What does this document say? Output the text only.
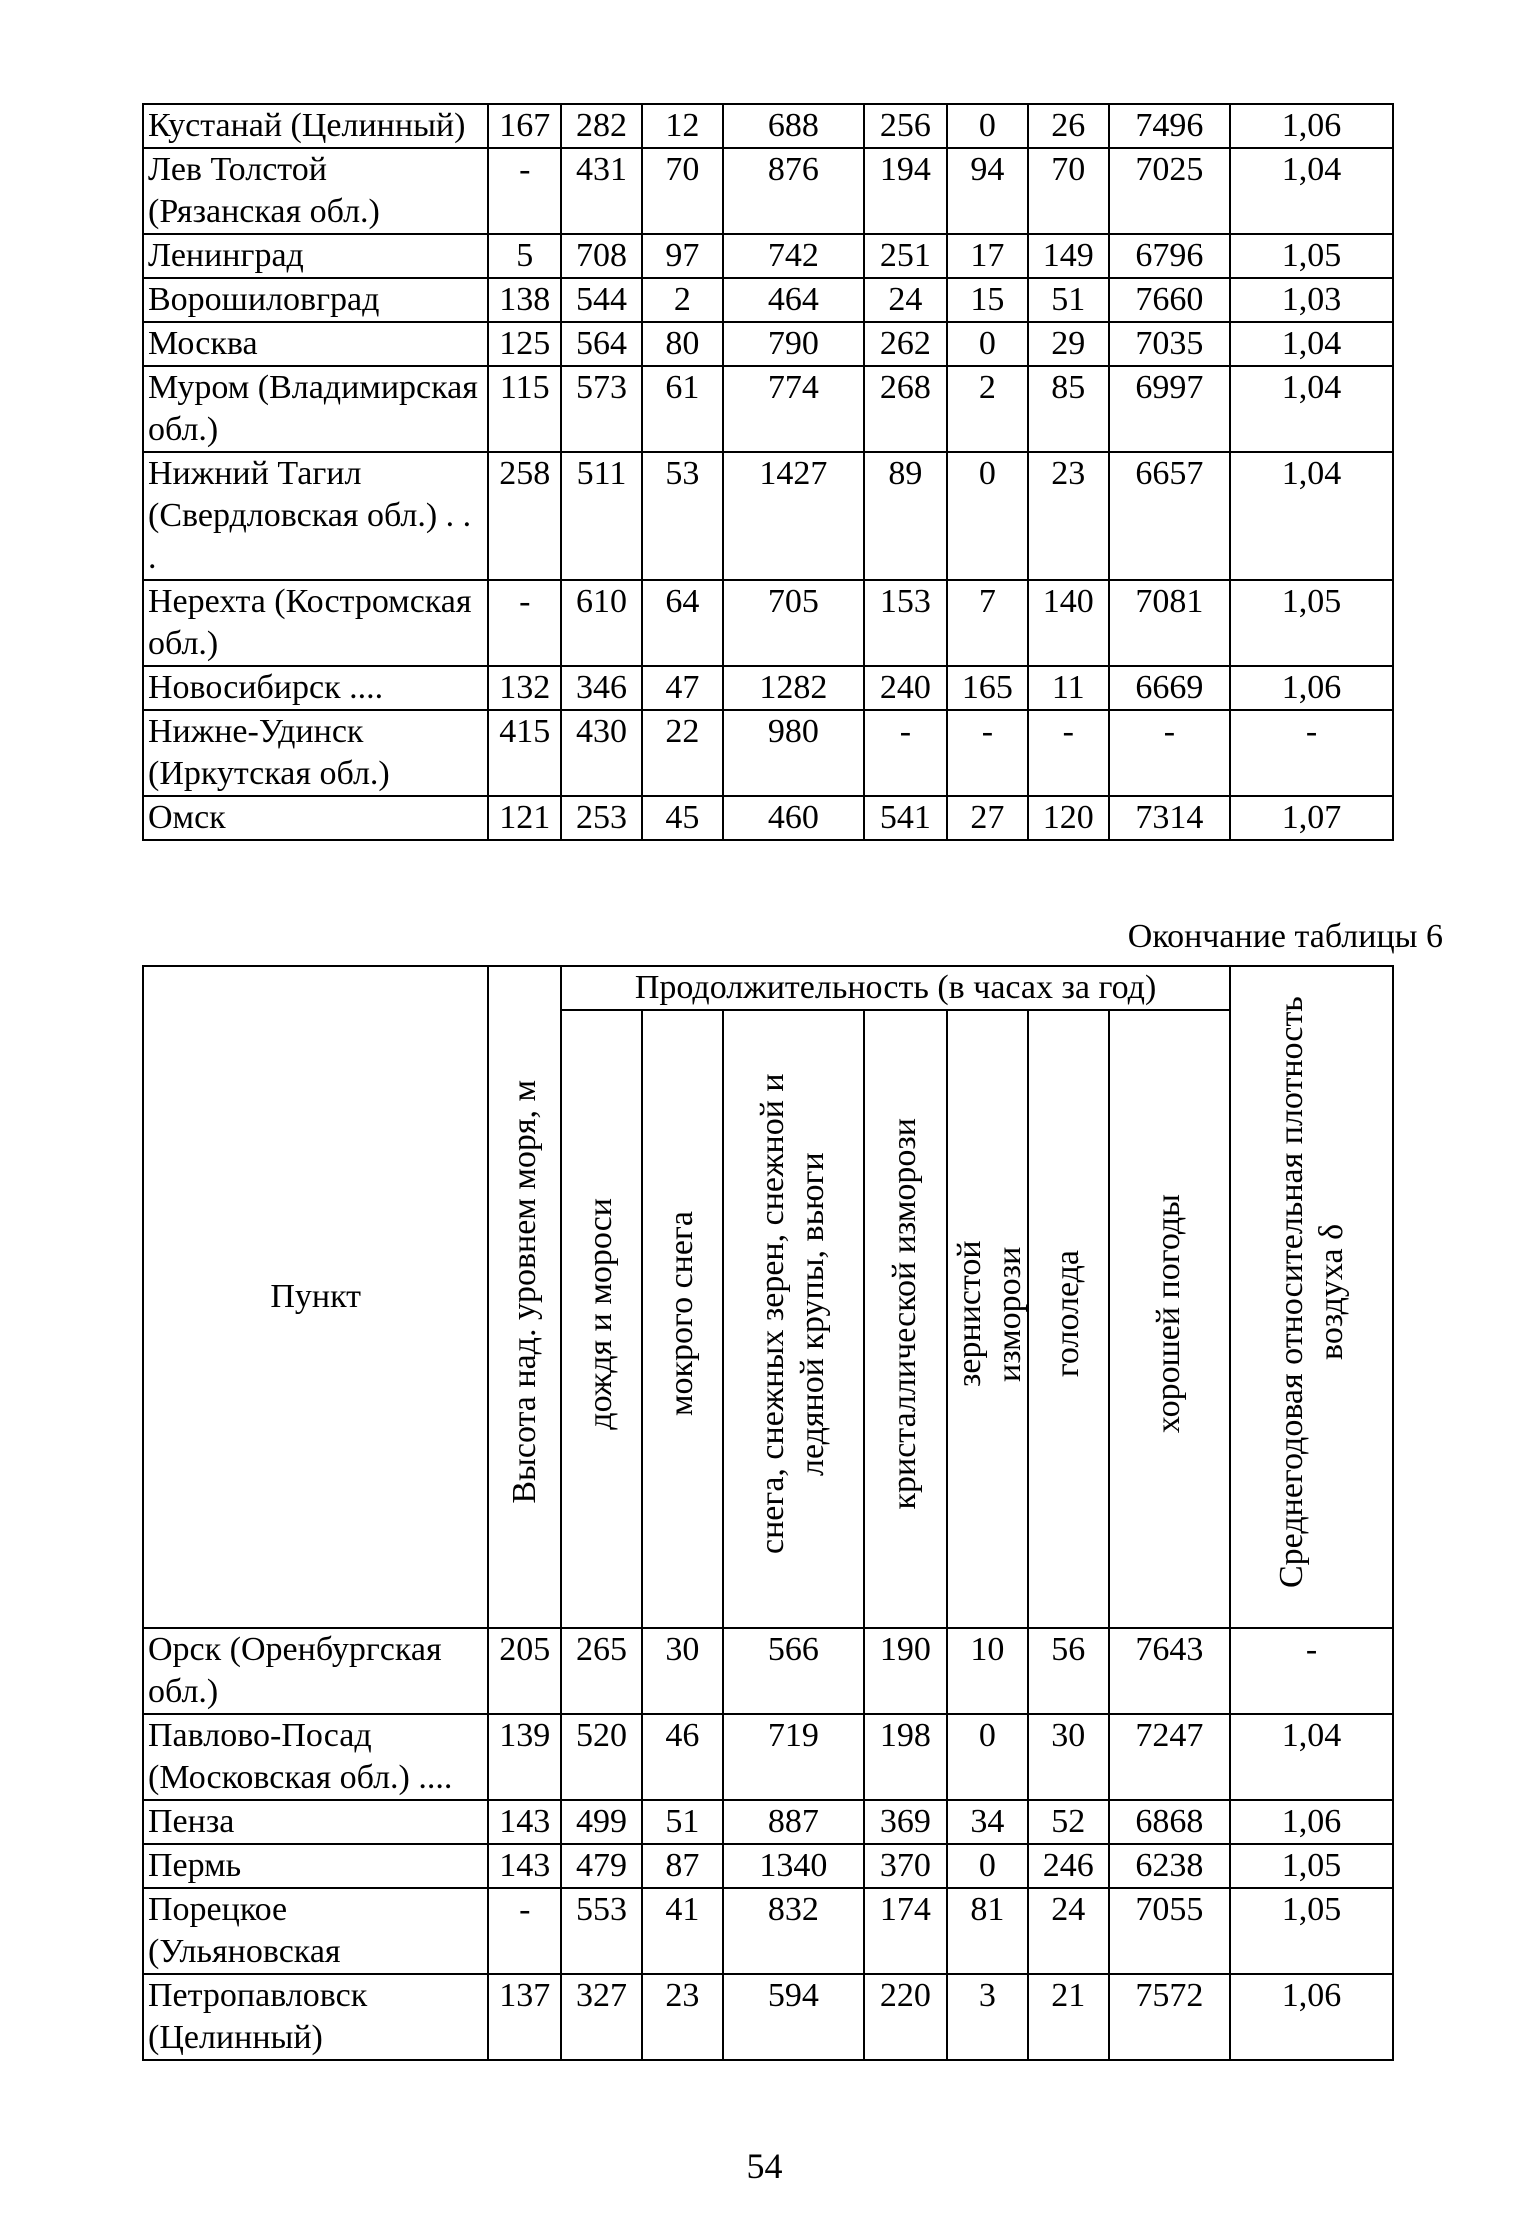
Кустанай (Целинный)	167	282	12	688	256	0	26	7496	1,06
Лев Толстой (Рязанская обл.)	-	431	70	876	194	94	70	7025	1,04
Ленинград	5	708	97	742	251	17	149	6796	1,05
Ворошиловград	138	544	2	464	24	15	51	7660	1,03
Москва	125	564	80	790	262	0	29	7035	1,04
Муром (Владимирская обл.)	115	573	61	774	268	2	85	6997	1,04
Нижний Тагил (Свердловская обл.) . . .	258	511	53	1427	89	0	23	6657	1,04
Нерехта (Костромская обл.)	-	610	64	705	153	7	140	7081	1,05
Новосибирск ....	132	346	47	1282	240	165	11	6669	1,06
Нижне-Удинск (Иркутская обл.)	415	430	22	980	-	-	-	-	-
Омск	121	253	45	460	541	27	120	7314	1,07
Окончание таблицы 6
Пункт	Высота над. уровнем моря, м	Продолжительность (в часах за год)							Среднегодовая относительная плотность воздуха δ
		дождя и мороси	мокрого снега	снега, снежных зерен, снежной и ледяной крупы, вьюги	кристаллической изморози	зернистой изморози	гололеда	хорошей погоды	
Орск (Оренбургская обл.)	205	265	30	566	190	10	56	7643	-
Павлово-Посад (Московская обл.) ....	139	520	46	719	198	0	30	7247	1,04
Пенза	143	499	51	887	369	34	52	6868	1,06
Пермь	143	479	87	1340	370	0	246	6238	1,05
Порецкое (Ульяновская	-	553	41	832	174	81	24	7055	1,05
Петропавловск (Целинный)	137	327	23	594	220	3	21	7572	1,06
54
